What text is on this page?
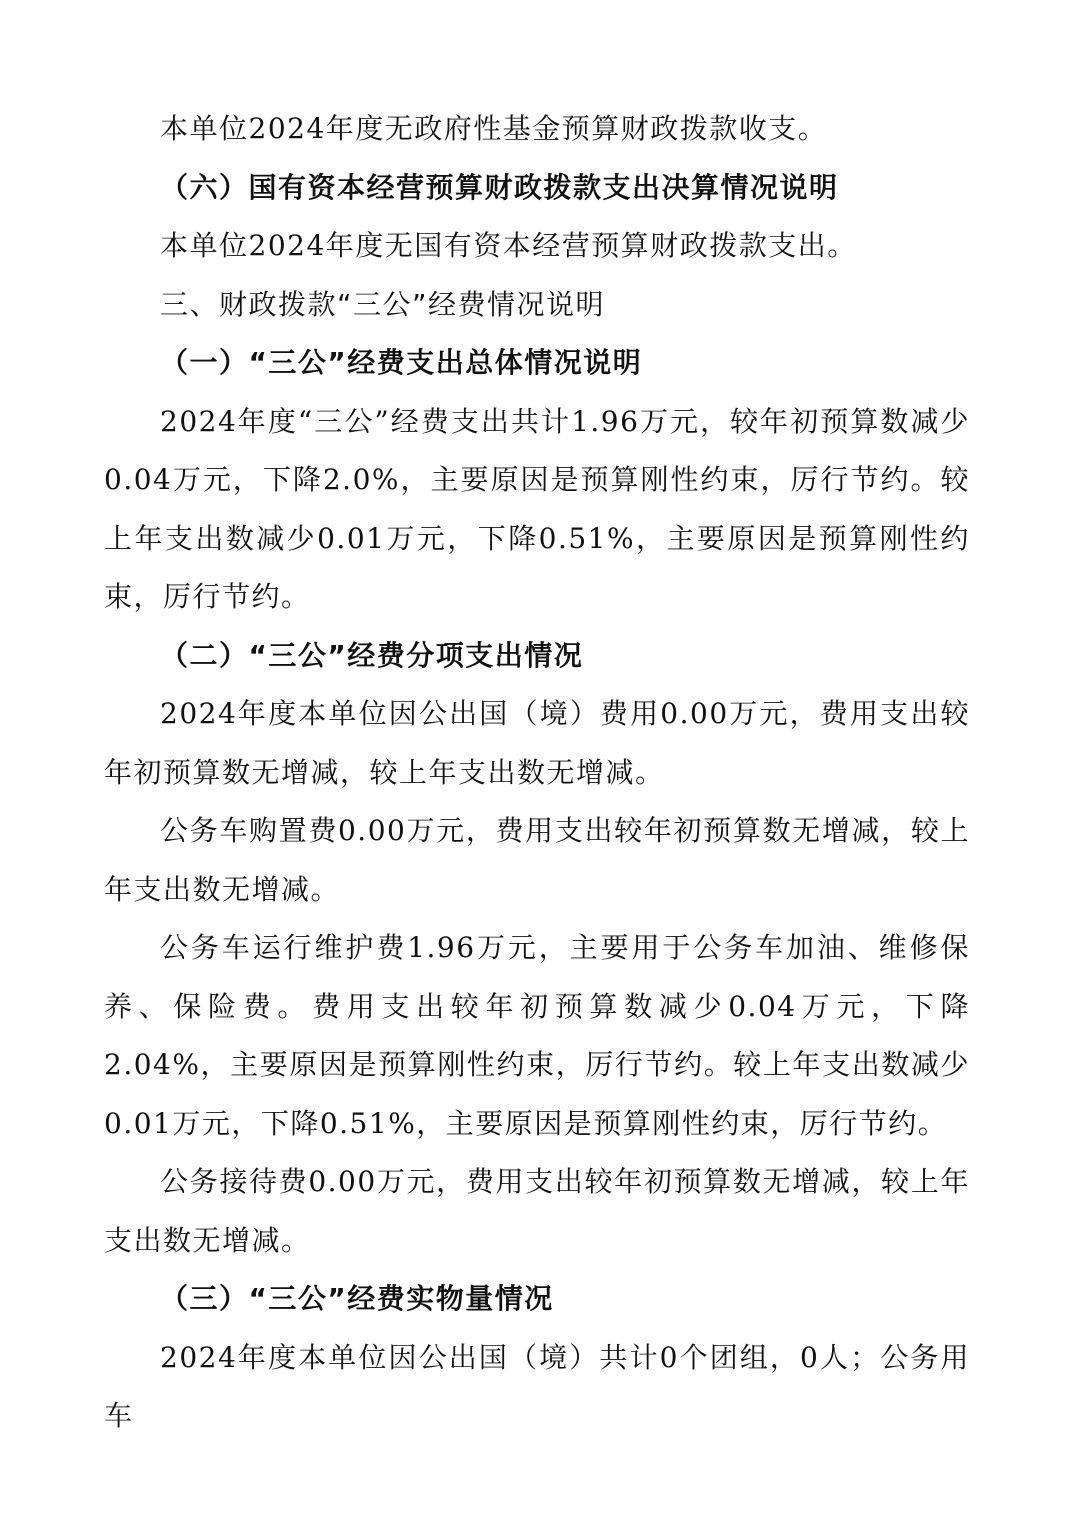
本单位2024年度无政府性基金预算财政拨款收支。

（六）国有资本经营预算财政拨款支出决算情况说明

本单位2024年度无国有资本经营预算财政拨款支出。

三、财政拨款“三公”经费情况说明

（一）“三公”经费支出总体情况说明

2024年度“三公”经费支出共计1.96万元，较年初预算数减少0.04万元，下降2.0%，主要原因是预算刚性约束，厉行节约。较上年支出数减少0.01万元，下降0.51%，主要原因是预算刚性约束，厉行节约。

（二）“三公”经费分项支出情况

2024年度本单位因公出国（境）费用0.00万元，费用支出较年初预算数无增减，较上年支出数无增减。

公务车购置费0.00万元，费用支出较年初预算数无增减，较上年支出数无增减。

公务车运行维护费1.96万元，主要用于公务车加油、维修保养、保险费。费用支出较年初预算数减少0.04万元，下降2.04%，主要原因是预算刚性约束，厉行节约。较上年支出数减少0.01万元，下降0.51%，主要原因是预算刚性约束，厉行节约。

公务接待费0.00万元，费用支出较年初预算数无增减，较上年支出数无增减。

（三）“三公”经费实物量情况

2024年度本单位因公出国（境）共计0个团组，0人；公务用车
